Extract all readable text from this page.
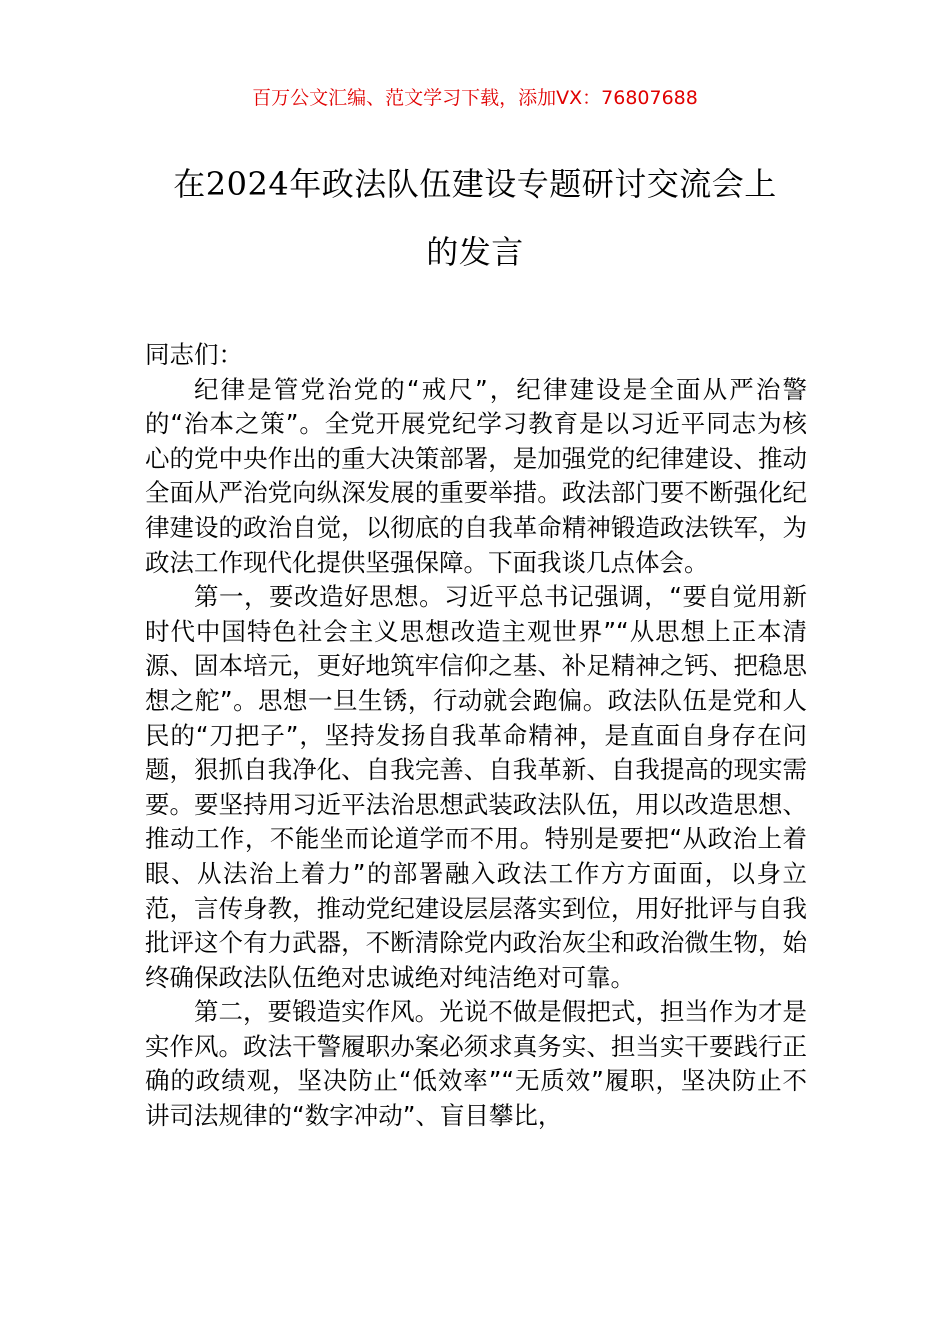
百万公文汇编、范文学习下载，添加VX：76807688
在2024年政法队伍建设专题研讨交流会上
的发言

同志们：

纪律是管党治党的“戒尺”，纪律建设是全面从严治警的“治本之策”。全党开展党纪学习教育是以习近平同志为核心的党中央作出的重大决策部署，是加强党的纪律建设、推动全面从严治党向纵深发展的重要举措。政法部门要不断强化纪律建设的政治自觉，以彻底的自我革命精神锻造政法铁军，为政法工作现代化提供坚强保障。下面我谈几点体会。

第一，要改造好思想。习近平总书记强调，“要自觉用新时代中国特色社会主义思想改造主观世界”“从思想上正本清源、固本培元，更好地筑牢信仰之基、补足精神之钙、把稳思想之舵”。思想一旦生锈，行动就会跑偏。政法队伍是党和人民的“刀把子”，坚持发扬自我革命精神，是直面自身存在问题，狠抓自我净化、自我完善、自我革新、自我提高的现实需要。要坚持用习近平法治思想武装政法队伍，用以改造思想、推动工作，不能坐而论道学而不用。特别是要把“从政治上着眼、从法治上着力”的部署融入政法工作方方面面，以身立范，言传身教，推动党纪建设层层落实到位，用好批评与自我批评这个有力武器，不断清除党内政治灰尘和政治微生物，始终确保政法队伍绝对忠诚绝对纯洁绝对可靠。

第二，要锻造实作风。光说不做是假把式，担当作为才是实作风。政法干警履职办案必须求真务实、担当实干要践行正确的政绩观，坚决防止“低效率”“无质效”履职，坚决防止不讲司法规律的“数字冲动”、盲目攀比，
